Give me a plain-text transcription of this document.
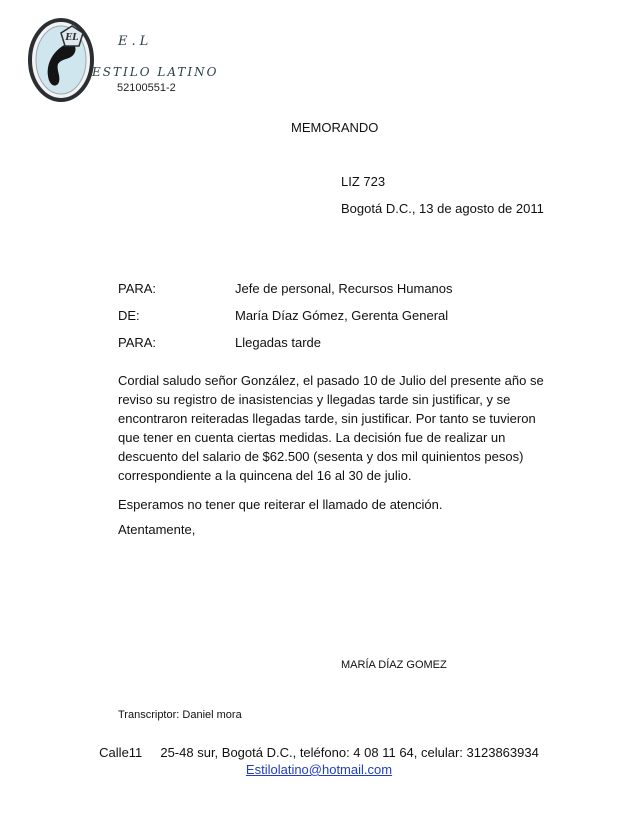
EL	E.L
ESTILO LATINO
52100551-2
MEMORANDO
LIZ 723
Bogotá D.C., 13 de agosto de 2011
PARA:	Jefe de personal, Recursos Humanos
DE:	María Díaz Gómez, Gerenta General
PARA:	Llegadas tarde

Cordial saludo señor González, el pasado 10 de Julio del presente año se reviso su registro de inasistencias y llegadas tarde sin justificar, y se encontraron reiteradas llegadas tarde, sin justificar. Por tanto se tuvieron que tener en cuenta ciertas medidas. La decisión fue de realizar un descuento del salario de $62.500 (sesenta y dos mil quinientos pesos) correspondiente a la quincena del 16 al 30 de julio.

Esperamos no tener que reiterar el llamado de atención.
Atentamente,
MARÍA DÍAZ GOMEZ
Transcriptor: Daniel mora
Calle11     25-48 sur, Bogotá D.C., teléfono: 4 08 11 64, celular: 3123863934
Estilolatino@hotmail.com
